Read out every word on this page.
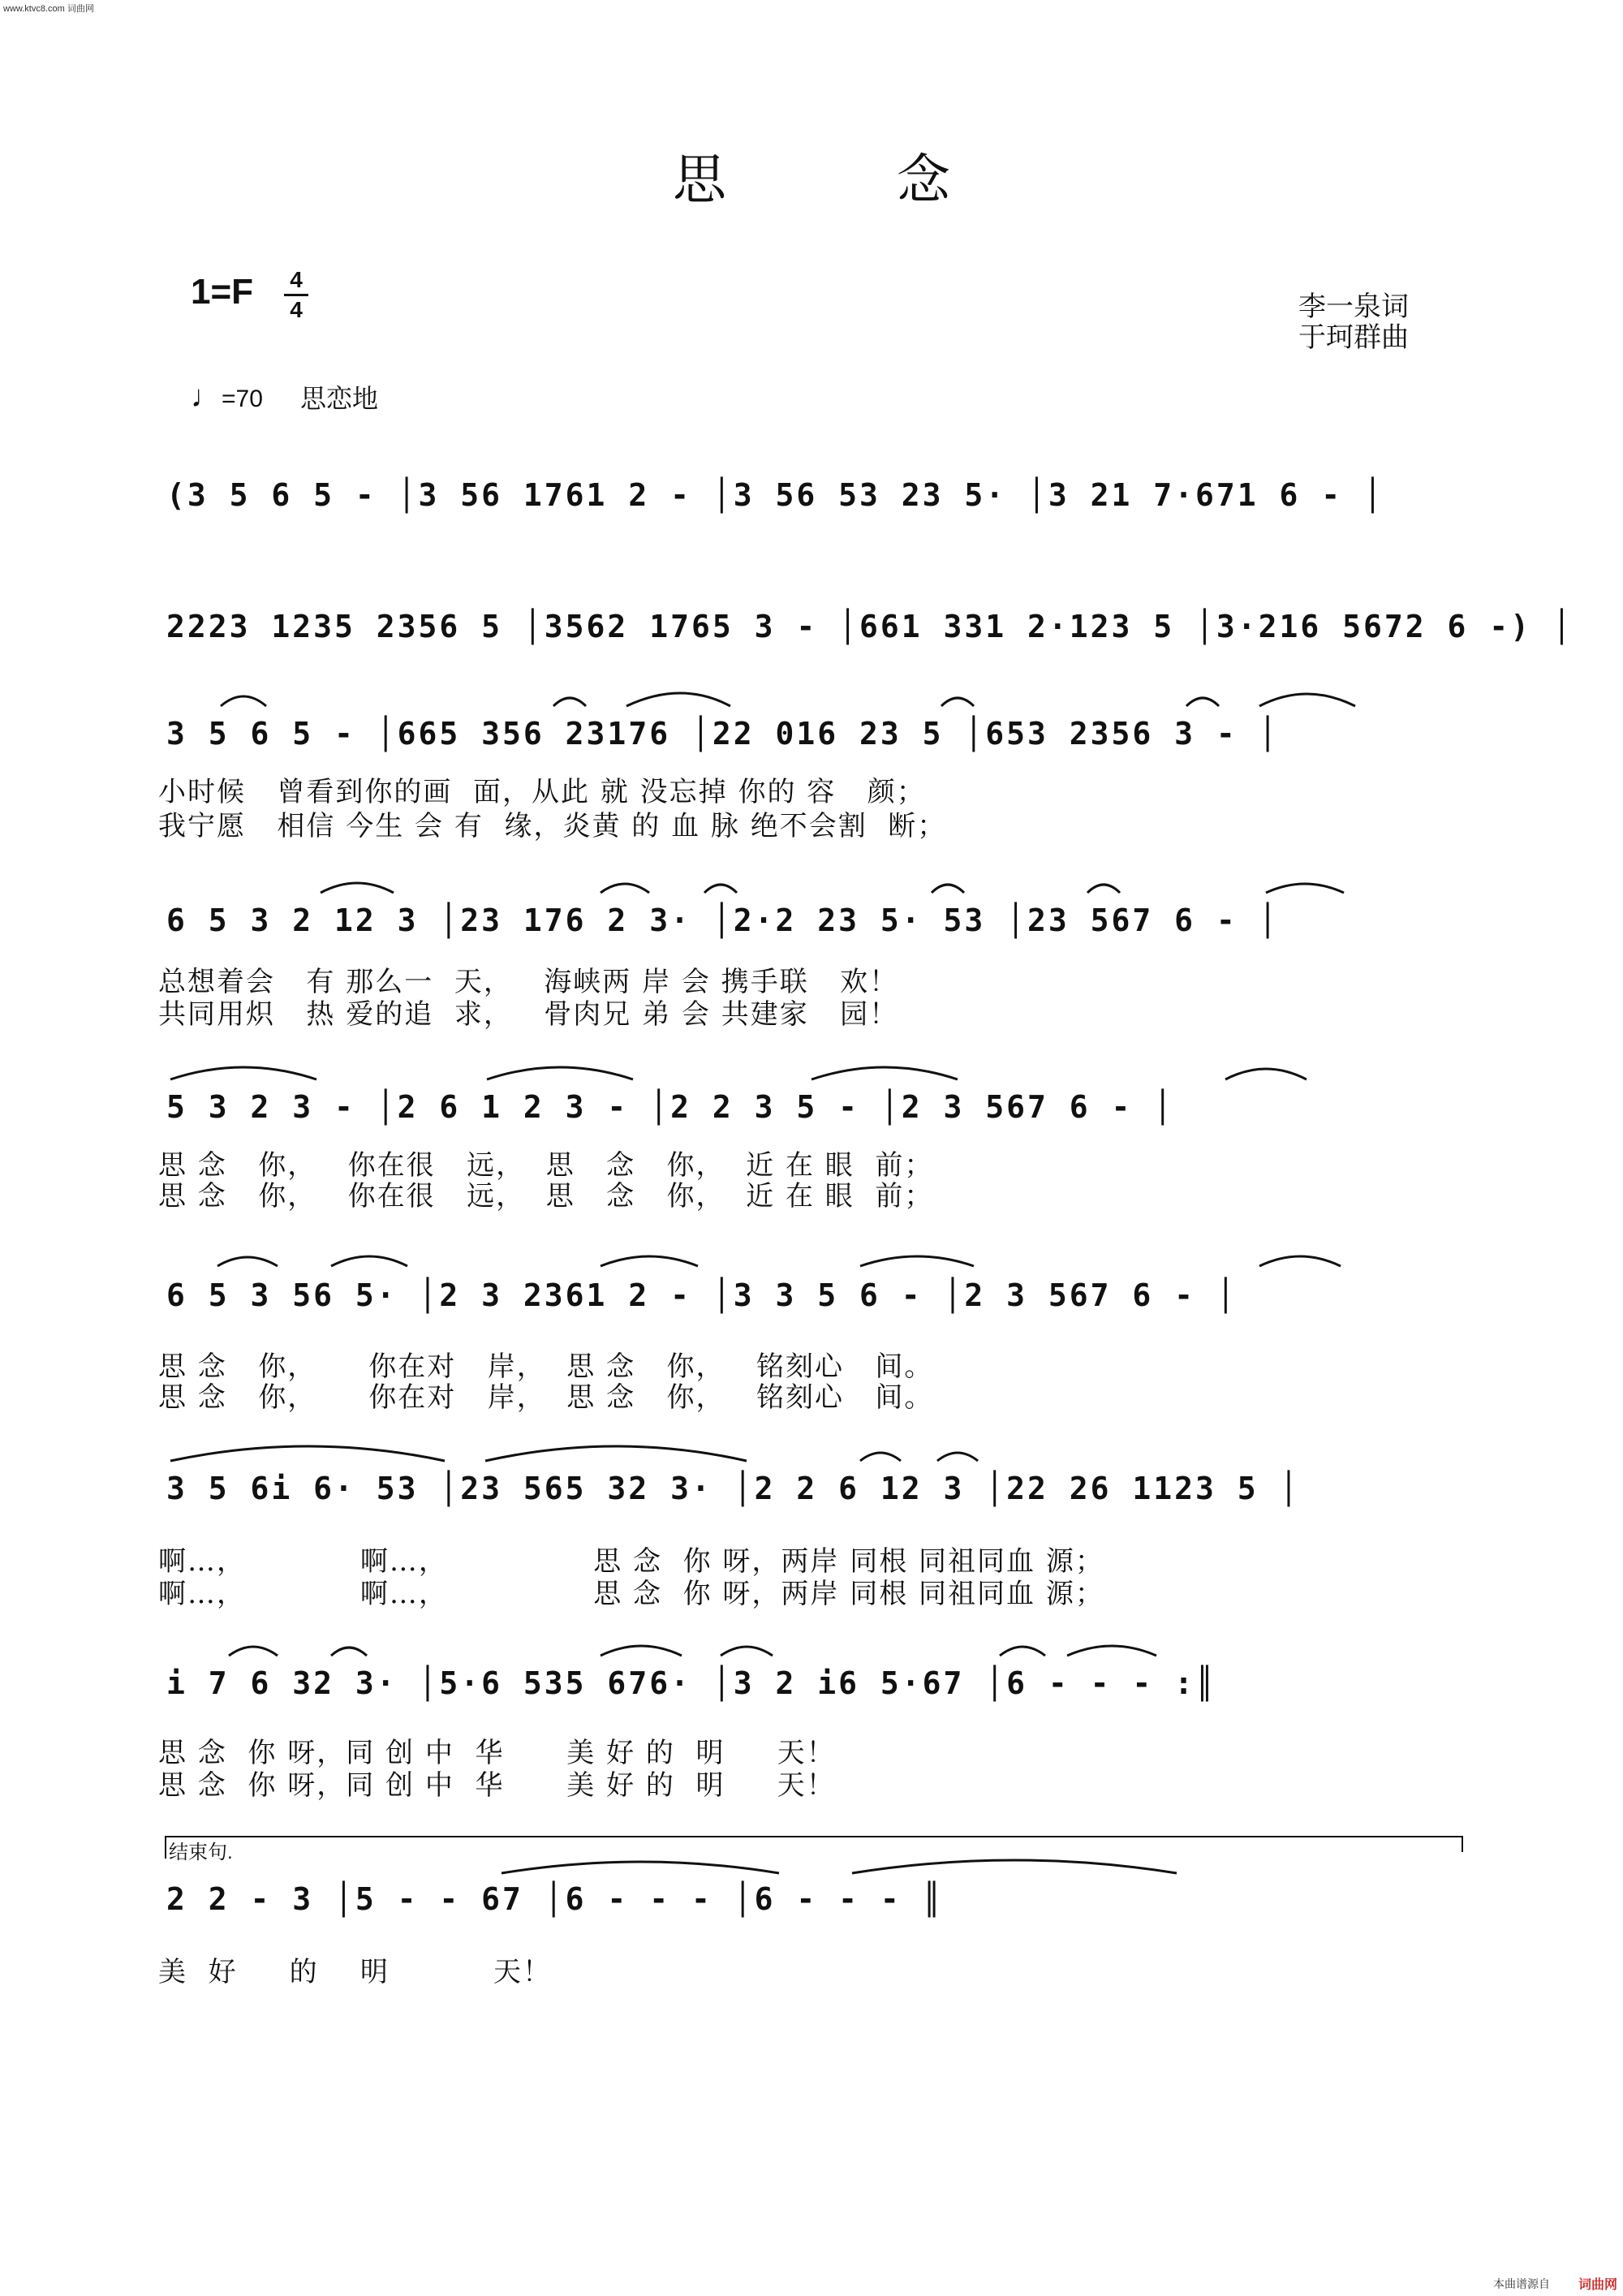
www.ktvc8.com 词曲网
思念
1=F 4
4	李一泉词
于珂群曲
♩=70 思恋地
(3 5 6 5 - │3 56 1761 2 - │3 56 53 23 5· │3 21 7·671 6 - │
2223 1235 2356 5 │3562 1765 3 - │661 331 2·123 5 │3·216 5672 6 -) │
3 5 6 5 - │665 356 23176 │22 016 23 5 │653 2356 3 - │
小时候   曾看到你的画  面，从此 就 没忘掉 你的 容   颜；
我宁愿   相信 今生 会 有  缘，炎黄 的 血 脉 绝不会割  断；
6 5 3 2 12 3 │23 176 2 3· │2·2 23 5· 53 │23 567 6 - │
总想着会   有 那么一  天，   海峡两 岸 会 携手联   欢！
共同用炽   热 爱的追  求，   骨肉兄 弟 会 共建家   园！
5 3 2 3 - │2 6 1 2 3 - │2 2 3 5 - │2 3 567 6 - │
思 念   你，   你在很   远，  思   念   你，  近 在 眼  前；
思 念   你，   你在很   远，  思   念   你，  近 在 眼  前；
6 5 3 56 5· │2 3 2361 2 - │3 3 5 6 - │2 3 567 6 - │
思 念   你，     你在对   岸，  思 念   你，   铭刻心   间。
思 念   你，     你在对   岸，  思 念   你，   铭刻心   间。
3 5 6i 6· 53 │23 565 32 3· │2 2 6 12 3 │22 26 1123 5 │
啊…，           啊…，              思 念  你 呀，两岸 同根 同祖同血 源；
啊…，           啊…，              思 念  你 呀，两岸 同根 同祖同血 源；
i 7 6 32 3· │5·6 535 676· │3 2 i6 5·67 │6 - - - :║
思 念  你 呀，同 创 中  华      美 好 的  明     天！
思 念  你 呀，同 创 中  华      美 好 的  明     天！
结束句.
2 2 - 3 │5 - - 67 │6 - - - │6 - - - ║
美  好     的    明          天！
本曲谱源自 词曲网
